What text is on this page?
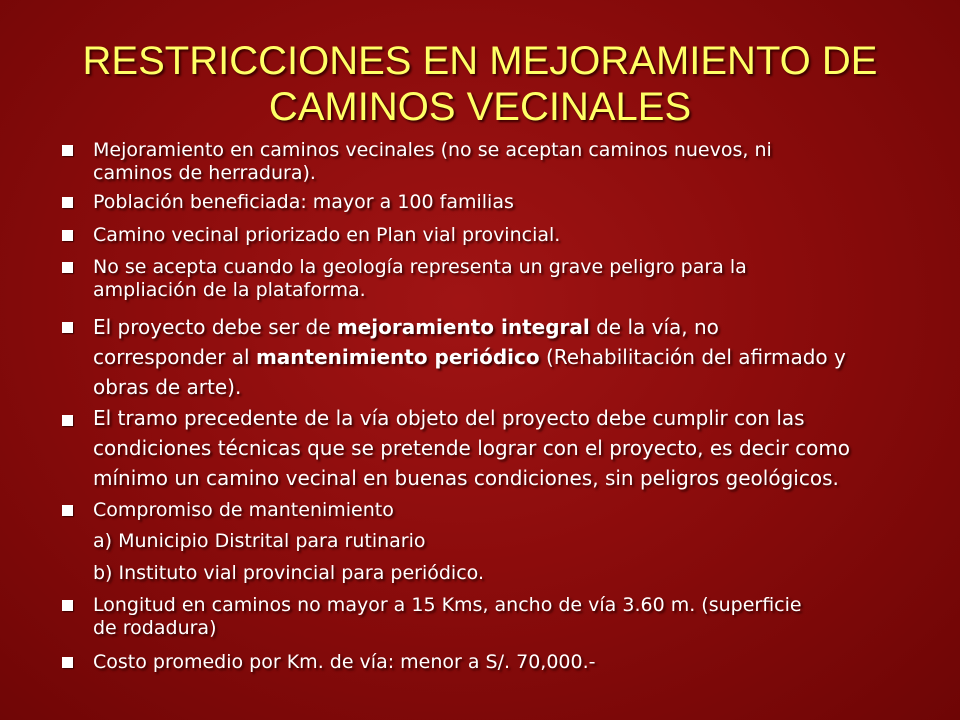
RESTRICCIONES EN MEJORAMIENTO DE
CAMINOS VECINALES
Mejoramiento en caminos vecinales (no se aceptan caminos nuevos, ni
caminos de herradura).
Población beneficiada: mayor a 100 familias
Camino vecinal priorizado en Plan vial provincial.
No se acepta cuando la geología representa un grave peligro para la
ampliación de la plataforma.
El proyecto debe ser de mejoramiento integral de la vía, no
corresponder al mantenimiento periódico (Rehabilitación del afirmado y
obras de arte).
El tramo precedente de la vía objeto del proyecto debe cumplir con las
condiciones técnicas que se pretende lograr con el proyecto, es decir como
mínimo un camino vecinal en buenas condiciones, sin peligros geológicos.
Compromiso de mantenimiento
a) Municipio Distrital para rutinario
b) Instituto vial provincial para periódico.
Longitud en caminos no mayor a 15 Kms, ancho de vía 3.60 m. (superficie
de rodadura)
Costo promedio por Km. de vía: menor a S/. 70,000.-
